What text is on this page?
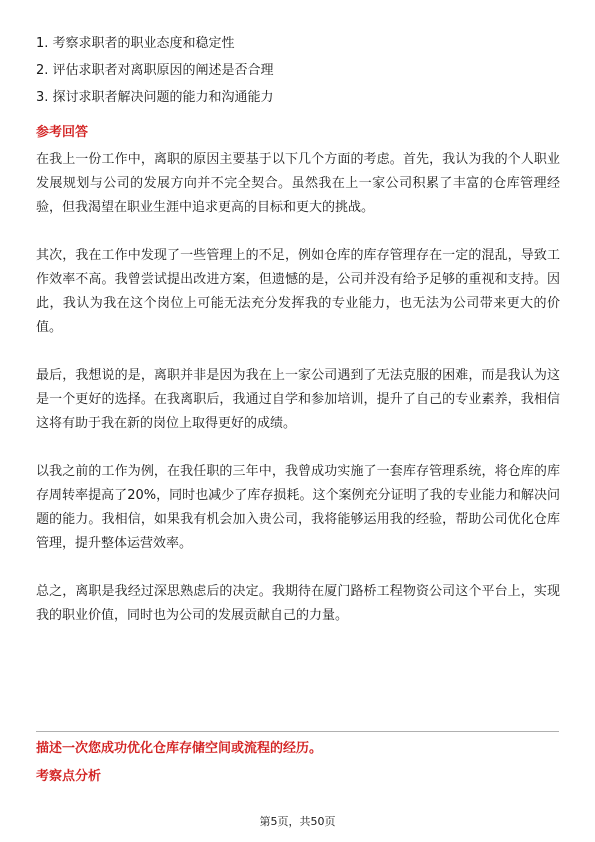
1. 考察求职者的职业态度和稳定性
2. 评估求职者对离职原因的阐述是否合理
3. 探讨求职者解决问题的能力和沟通能力
参考回答

在我上一份工作中，离职的原因主要基于以下几个方面的考虑。首先，我认为我的个人职业发展规划与公司的发展方向并不完全契合。虽然我在上一家公司积累了丰富的仓库管理经验，但我渴望在职业生涯中追求更高的目标和更大的挑战。

其次，我在工作中发现了一些管理上的不足，例如仓库的库存管理存在一定的混乱，导致工作效率不高。我曾尝试提出改进方案，但遗憾的是，公司并没有给予足够的重视和支持。因此，我认为我在这个岗位上可能无法充分发挥我的专业能力，也无法为公司带来更大的价值。

最后，我想说的是，离职并非是因为我在上一家公司遇到了无法克服的困难，而是我认为这是一个更好的选择。在我离职后，我通过自学和参加培训，提升了自己的专业素养，我相信这将有助于我在新的岗位上取得更好的成绩。

以我之前的工作为例，在我任职的三年中，我曾成功实施了一套库存管理系统，将仓库的库存周转率提高了20%，同时也减少了库存损耗。这个案例充分证明了我的专业能力和解决问题的能力。我相信，如果我有机会加入贵公司，我将能够运用我的经验，帮助公司优化仓库管理，提升整体运营效率。

总之，离职是我经过深思熟虑后的决定。我期待在厦门路桥工程物资公司这个平台上，实现我的职业价值，同时也为公司的发展贡献自己的力量。

描述一次您成功优化仓库存储空间或流程的经历。
考察点分析
第5页，共50页
